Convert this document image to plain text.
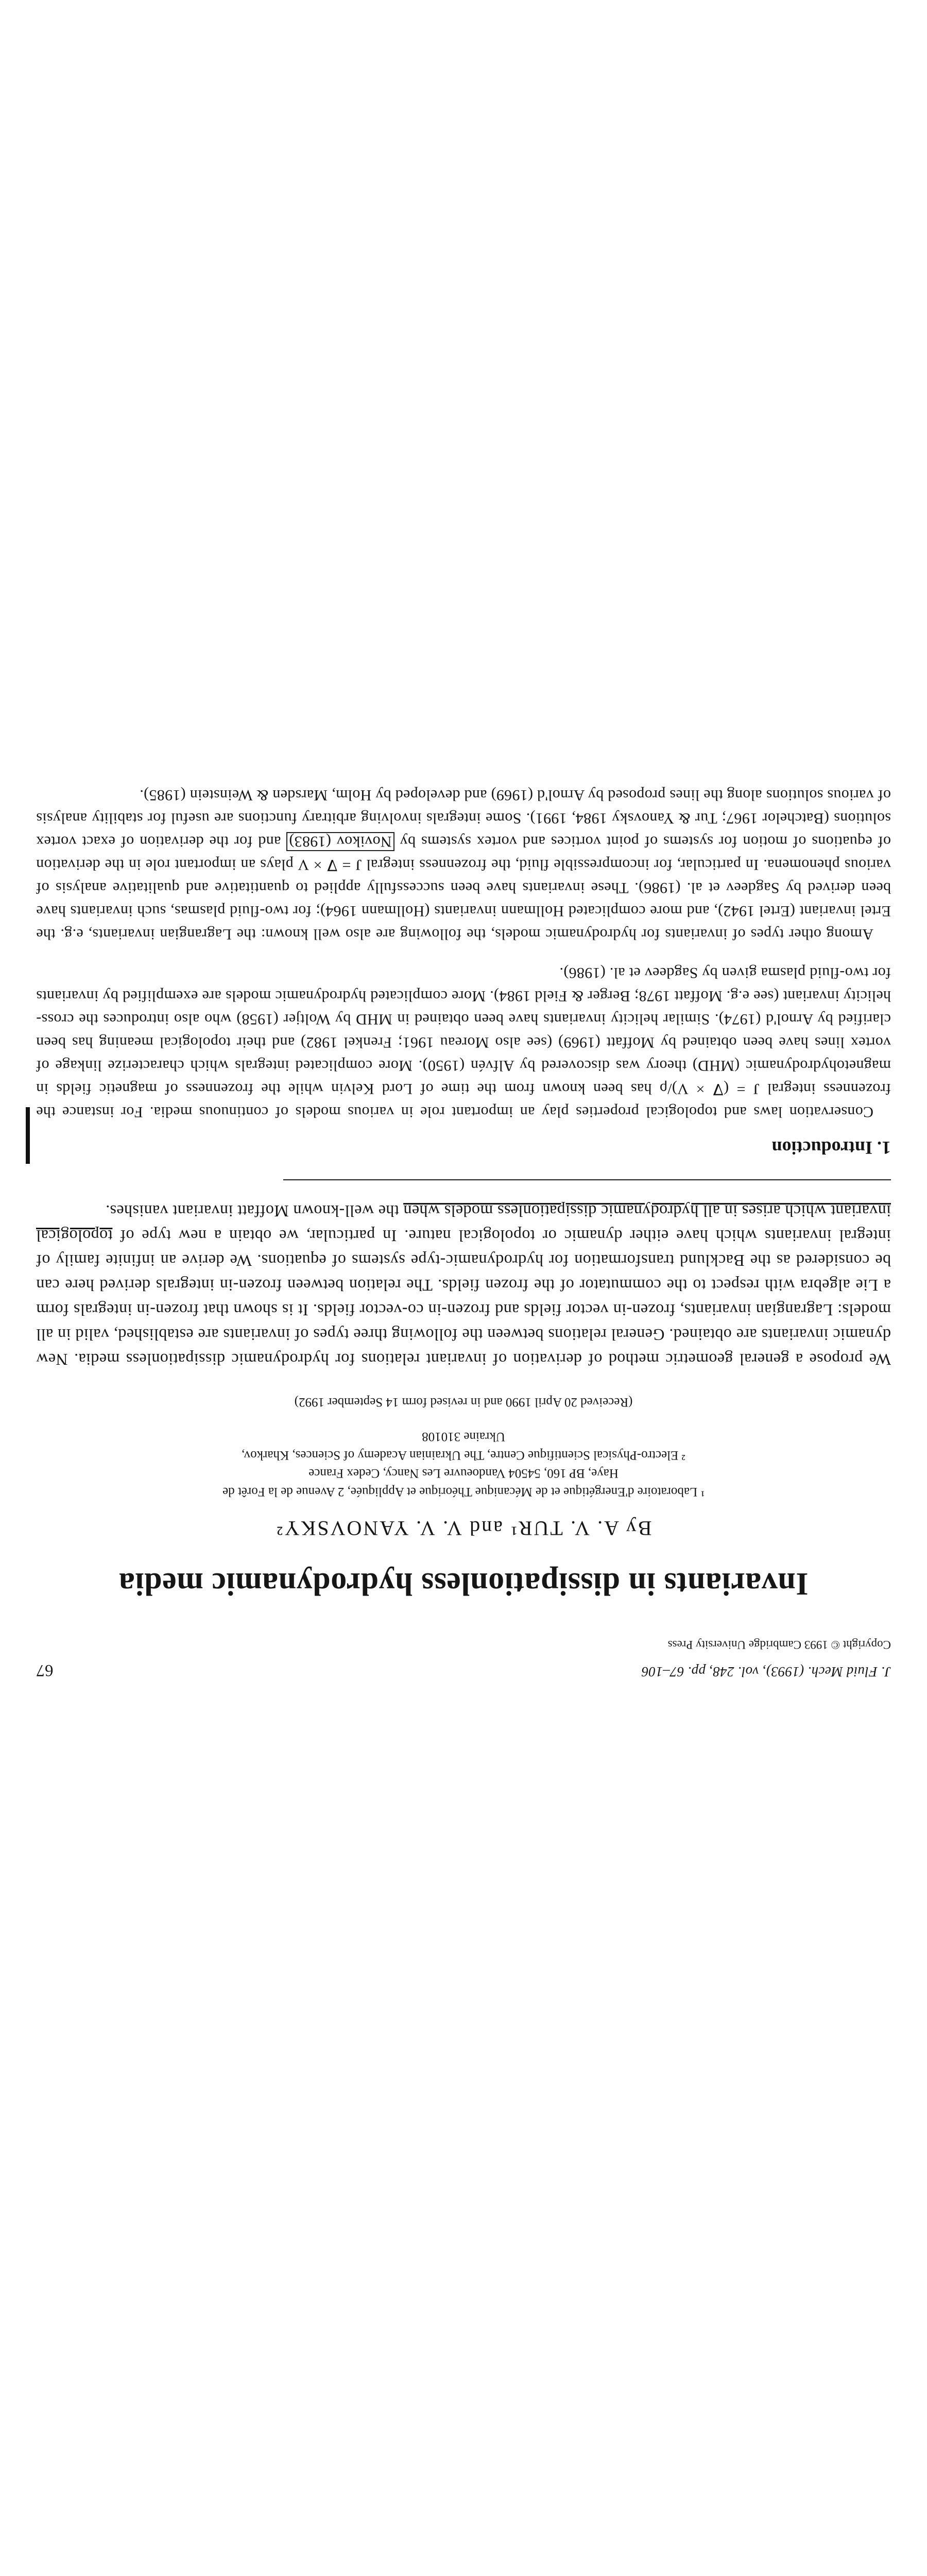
J. Fluid Mech. (1993), vol. 248, pp. 67–106
67
Copyright © 1993 Cambridge University Press
Invariants in dissipationless hydrodynamic media
By A. V. TUR¹ and V. V. YANOVSKY²
¹ Laboratoire d'Energétique et de Mécanique Théorique et Appliquée, 2 Avenue de la Forêt de
Haye, BP 160, 54504 Vandoeuvre Les Nancy, Cedex France
² Electro-Physical Scientifique Centre, The Ukrainian Academy of Sciences, Kharkov,
Ukraine 310108
(Received 20 April 1990 and in revised form 14 September 1992)
We propose a general geometric method of derivation of invariant relations for hydrodynamic dissipationless media. New dynamic invariants are obtained. General relations between the following three types of invariants are established, valid in all models: Lagrangian invariants, frozen-in vector fields and frozen-in co-vector fields. It is shown that frozen-in integrals form a Lie algebra with respect to the commutator of the frozen fields. The relation between frozen-in integrals derived here can be considered as the Backlund transformation for hydrodynamic-type systems of equations. We derive an infinite family of integral invariants which have either dynamic or topological nature. In particular, we obtain a new type of topological invariant which arises in all hydrodynamic dissipationless models when the well-known Moffatt invariant vanishes.
1. Introduction

Conservation laws and topological properties play an important role in various models of continuous media. For instance the frozenness integral J = (∇ × V)/ρ has been known from the time of Lord Kelvin while the frozenness of magnetic fields in magnetohydrodynamic (MHD) theory was discovered by Alfvén (1950). More complicated integrals which characterize linkage of vortex lines have been obtained by Moffatt (1969) (see also Moreau 1961; Frenkel 1982) and their topological meaning has been clarified by Arnol'd (1974). Similar helicity invariants have been obtained in MHD by Woltjer (1958) who also introduces the cross-helicity invariant (see e.g. Moffatt 1978; Berger & Field 1984). More complicated hydrodynamic models are exemplified by invariants for two-fluid plasma given by Sagdeev et al. (1986).

Among other types of invariants for hydrodynamic models, the following are also well known: the Lagrangian invariants, e.g. the Ertel invariant (Ertel 1942), and more complicated Hollmann invariants (Hollmann 1964); for two-fluid plasmas, such invariants have been derived by Sagdeev et al. (1986). These invariants have been successfully applied to quantitative and qualitative analysis of various phenomena. In particular, for incompressible fluid, the frozenness integral J = ∇ × V plays an important role in the derivation of equations of motion for systems of point vortices and vortex systems by Novikov (1983) and for the derivation of exact vortex solutions (Batchelor 1967; Tur & Yanovsky 1984, 1991). Some integrals involving arbitrary functions are useful for stability analysis of various solutions along the lines proposed by Arnol'd (1969) and developed by Holm, Marsden & Weinstein (1985).
